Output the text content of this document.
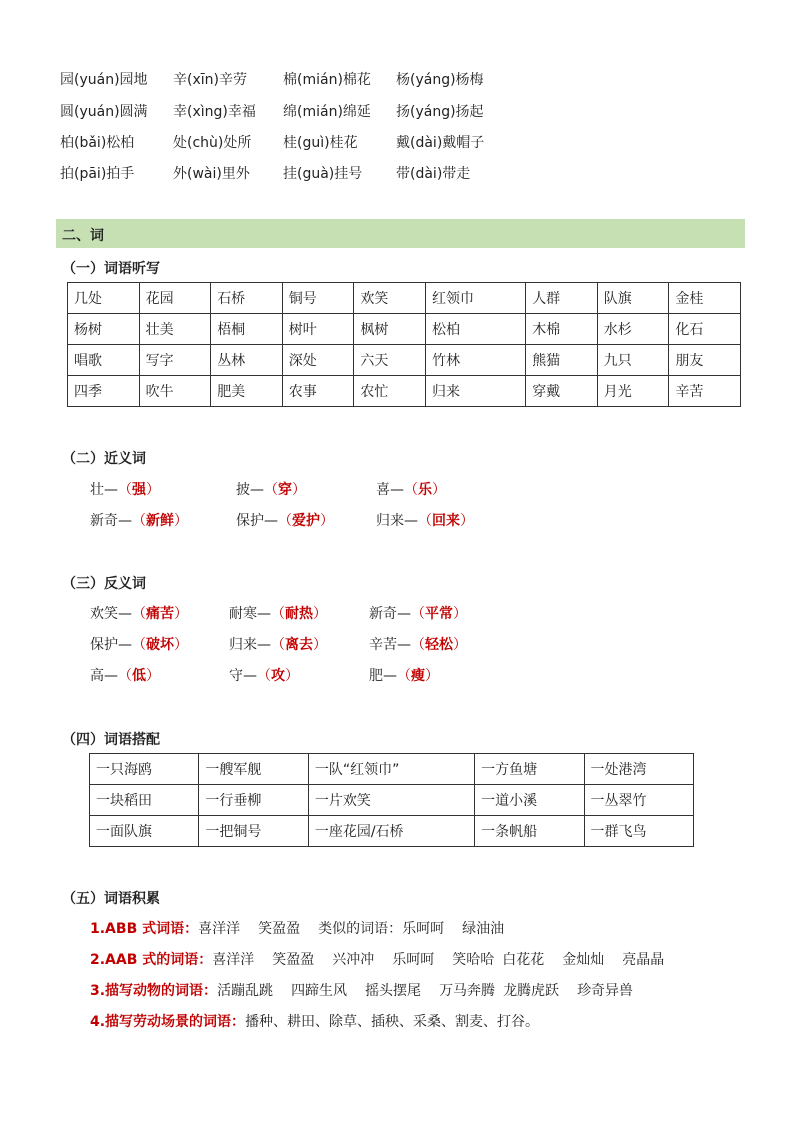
园(yuán)园地 辛(xīn)辛劳	棉(mián)棉花 杨(yáng)杨梅
圆(yuán)圆满 幸(xìng)幸福 绵(mián)绵延 扬(yáng)扬起
柏(bǎi)松柏	处(chù)处所 桂(guì)桂花	戴(dài)戴帽子
拍(pāi)拍手	外(wài)里外 挂(guà)挂号 带(dài)带走
二、词
（一）词语听写
几处	花园	石桥	铜号	欢笑	红领巾	人群	队旗	金桂
杨树	壮美	梧桐	树叶	枫树	松柏	木棉	水杉	化石
唱歌	写字	丛林	深处	六天	竹林	熊猫	九只	朋友
四季	吹牛	肥美	农事	农忙	归来	穿戴	月光	辛苦
（二）近义词
壮—（强）	披—（穿）	喜—（乐）
新奇—（新鲜）	保护—（爱护）	归来—（回来）
（三）反义词
欢笑—（痛苦）	耐寒—（耐热）	新奇—（平常）
保护—（破坏）	归来—（离去）	辛苦—（轻松）
高—（低）	守—（攻）	肥—（瘦）
（四）词语搭配
一只海鸥	一艘军舰	一队“红领巾”	一方鱼塘	一处港湾
一块稻田	一行垂柳	一片欢笑	一道小溪	一丛翠竹
一面队旗	一把铜号	一座花园/石桥	一条帆船	一群飞鸟
（五）词语积累
1.ABB 式词语：喜洋洋 笑盈盈 类似的词语：乐呵呵 绿油油
2.AAB 式的词语：喜洋洋 笑盈盈 兴冲冲 乐呵呵 笑哈哈 白花花 金灿灿 亮晶晶
3.描写动物的词语：活蹦乱跳 四蹄生风 摇头摆尾 万马奔腾 龙腾虎跃 珍奇异兽
4.描写劳动场景的词语：播种、耕田、除草、插秧、采桑、割麦、打谷。
